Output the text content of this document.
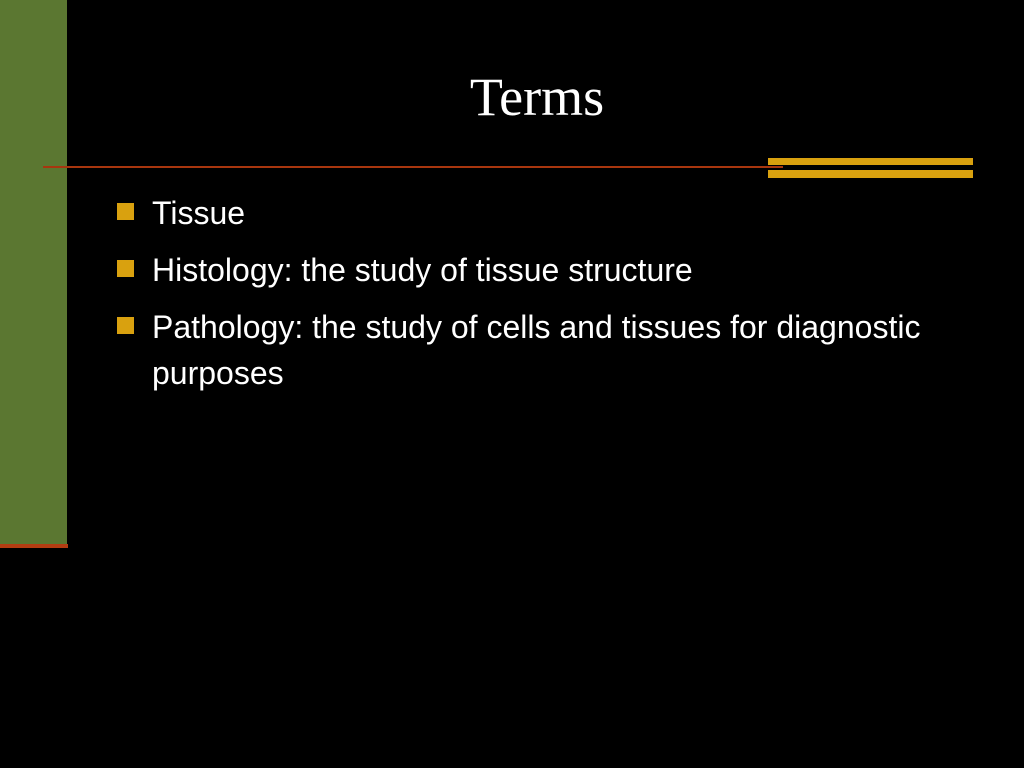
Terms
Tissue
Histology: the study of tissue structure
Pathology: the study of cells and tissues for diagnostic purposes
